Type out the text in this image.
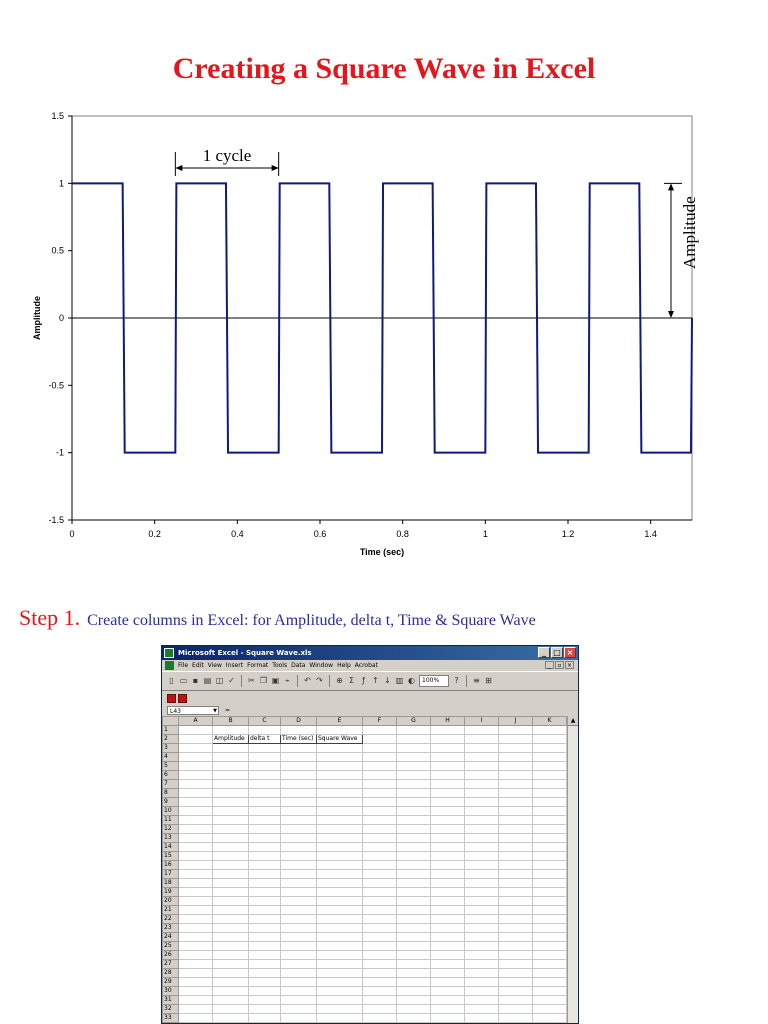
Creating a Square Wave in Excel
1.5
1
0.5
0
-0.5
-1
-1.5
0	0.2	0.4	0.6	0.8	1	1.2	1.4
Time (sec)
Amplitude
1 cycle
Amplitude
Step 1. Create columns in Excel: for Amplitude, delta t, Time & Square Wave
Microsoft Excel - Square Wave.xls	_ □ ×
File Edit View Insert Format Tools Data Window Help Acrobat	_	▫ ×
▯ ▭ ▪ ▤ ◫ ✓ ✂ ❐ ▣ ⌁ ↶ ↷ ⊕ Σ	ƒ ↑ ↓ ▥ ◐	100%	? ≡ ⊞
L43	▼ =
	A	B	C	D	E	F	G	H	I	J	K
1											
2		Amplitude	delta t	Time (sec)	Square Wave						
3											
4											
5											
6											
7											
8											
9											
10											
11											
12											
13											
14											
15											
16											
17											
18											
19											
20											
21											
22											
23											
24											
25											
26											
27											
28											
29											
30											
31											
32											
33											
▲
